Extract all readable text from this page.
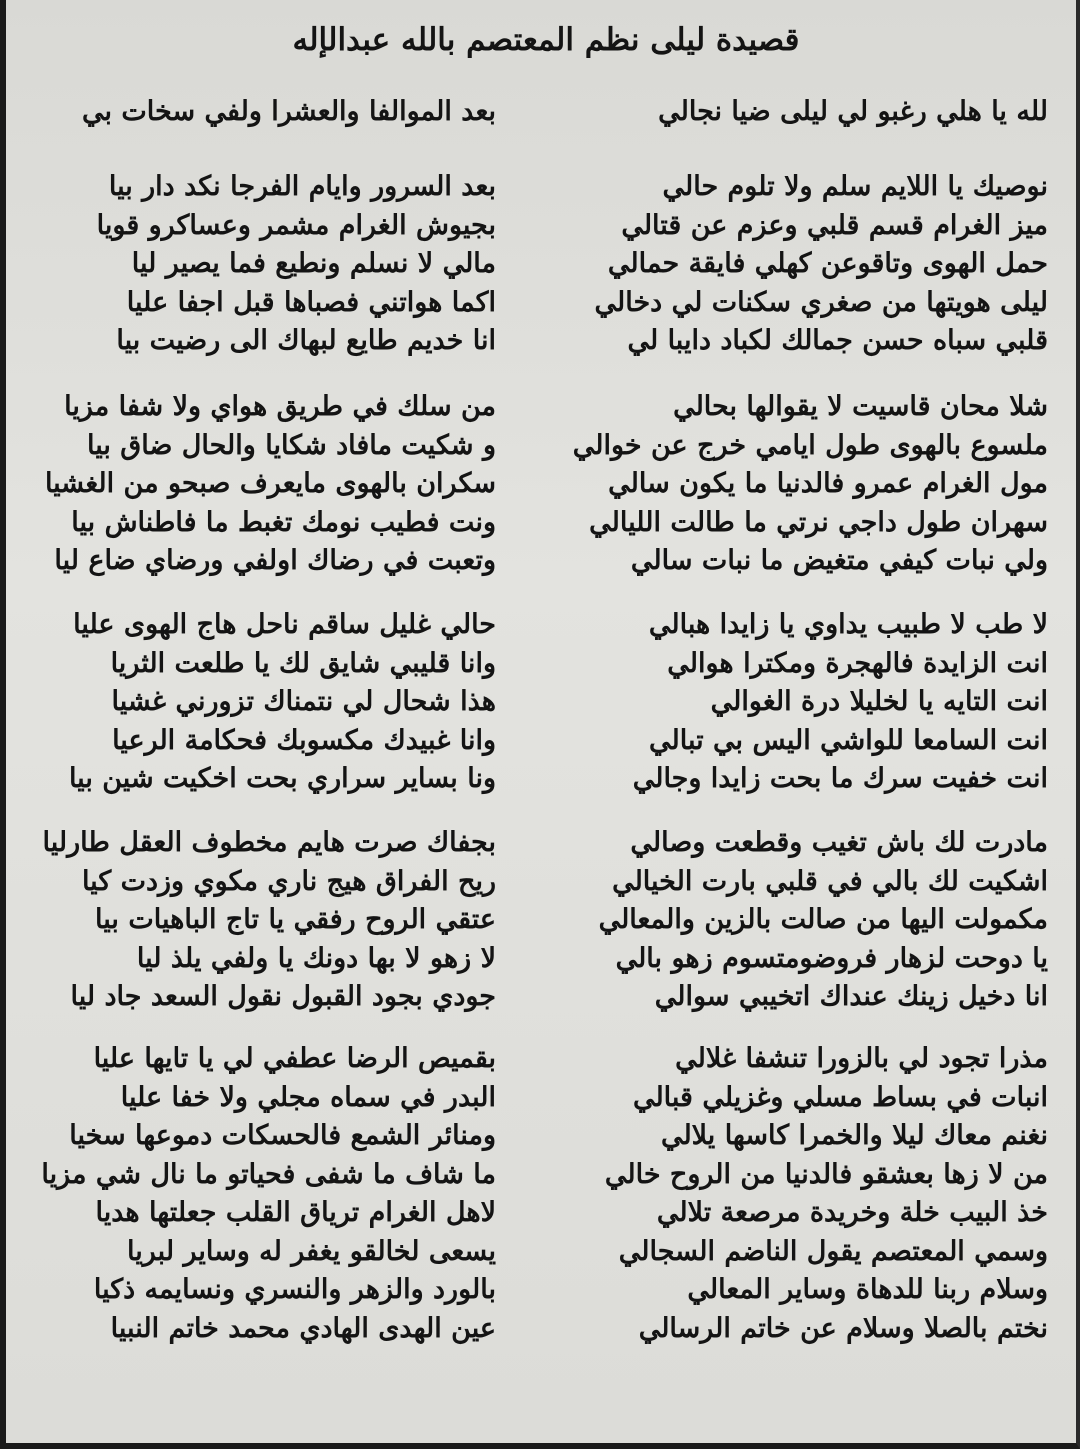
قصيدة ليلى نظم المعتصم بالله عبدالإله
لله يا هلي رغبو لي ليلى ضيا نجالي
نوصيك يا اللايم سلم ولا تلوم حالي
ميز الغرام قسم قلبي وعزم عن قتالي
حمل الهوى وتاقوعن كهلي فايقة حمالي
ليلى هويتها من صغري سكنات لي دخالي
قلبي سباه حسن جمالك لكباد دايبا لي
شلا محان قاسيت لا يقوالها بحالي
ملسوع بالهوى طول ايامي خرج عن خوالي
مول الغرام عمرو فالدنيا ما يكون سالي
سهران طول داجي نرتي ما طالت الليالي
ولي نبات كيفي متغيض ما نبات سالي
لا طب لا طبيب يداوي يا زايدا هبالي
انت الزايدة فالهجرة ومكترا هوالي
انت التايه يا لخليلا درة الغوالي
انت السامعا للواشي اليس بي تبالي
انت خفيت سرك ما بحت زايدا وجالي
مادرت لك باش تغيب وقطعت وصالي
اشكيت لك بالي في قلبي بارت الخيالي
مكمولت اليها من صالت بالزين والمعالي
يا دوحت لزهار فروضومتسوم زهو بالي
انا دخيل زينك عنداك اتخيبي سوالي
مذرا تجود لي بالزورا تنشفا غلالي
انبات في بساط مسلي وغزيلي قبالي
نغنم معاك ليلا والخمرا كاسها يلالي
من لا زها بعشقو فالدنيا من الروح خالي
خذ البيب خلة وخريدة مرصعة تلالي
وسمي المعتصم يقول الناضم السجالي
وسلام ربنا للدهاة وساير المعالي
نختم بالصلا وسلام عن خاتم الرسالي
بعد الموالفا والعشرا ولفي سخات بي
بعد السرور وايام الفرجا نكد دار بيا
بجيوش الغرام مشمر وعساكرو قويا
مالي لا نسلم ونطيع فما يصير ليا
اكما هواتني فصباها قبل اجفا عليا
انا خديم طايع لبهاك الى رضيت بيا
من سلك في طريق هواي ولا شفا مزيا
و شكيت مافاد شكايا والحال ضاق بيا
سكران بالهوى مايعرف صبحو من الغشيا
ونت فطيب نومك تغبط ما فاطناش بيا
وتعبت في رضاك اولفي ورضاي ضاع ليا
حالي غليل ساقم ناحل هاج الهوى عليا
وانا قليبي شايق لك يا طلعت الثريا
هذا شحال لي نتمناك تزورني غشيا
وانا غبيدك مكسوبك فحكامة الرعيا
ونا بساير سراري بحت اخكيت شين بيا
بجفاك صرت هايم مخطوف العقل طارليا
ريح الفراق هيج ناري مكوي وزدت كيا
عتقي الروح رفقي يا تاج الباهيات بيا
لا زهو لا بها دونك يا ولفي يلذ ليا
جودي بجود القبول نقول السعد جاد ليا
بقميص الرضا عطفي لي يا تايها عليا
البدر في سماه مجلي ولا خفا عليا
ومنائر الشمع فالحسكات دموعها سخيا
ما شاف ما شفى فحياتو ما نال شي مزيا
لاهل الغرام ترياق القلب جعلتها هديا
يسعى لخالقو يغفر له وساير لبريا
بالورد والزهر والنسري ونسايمه ذكيا
عين الهدى الهادي محمد خاتم النبيا
